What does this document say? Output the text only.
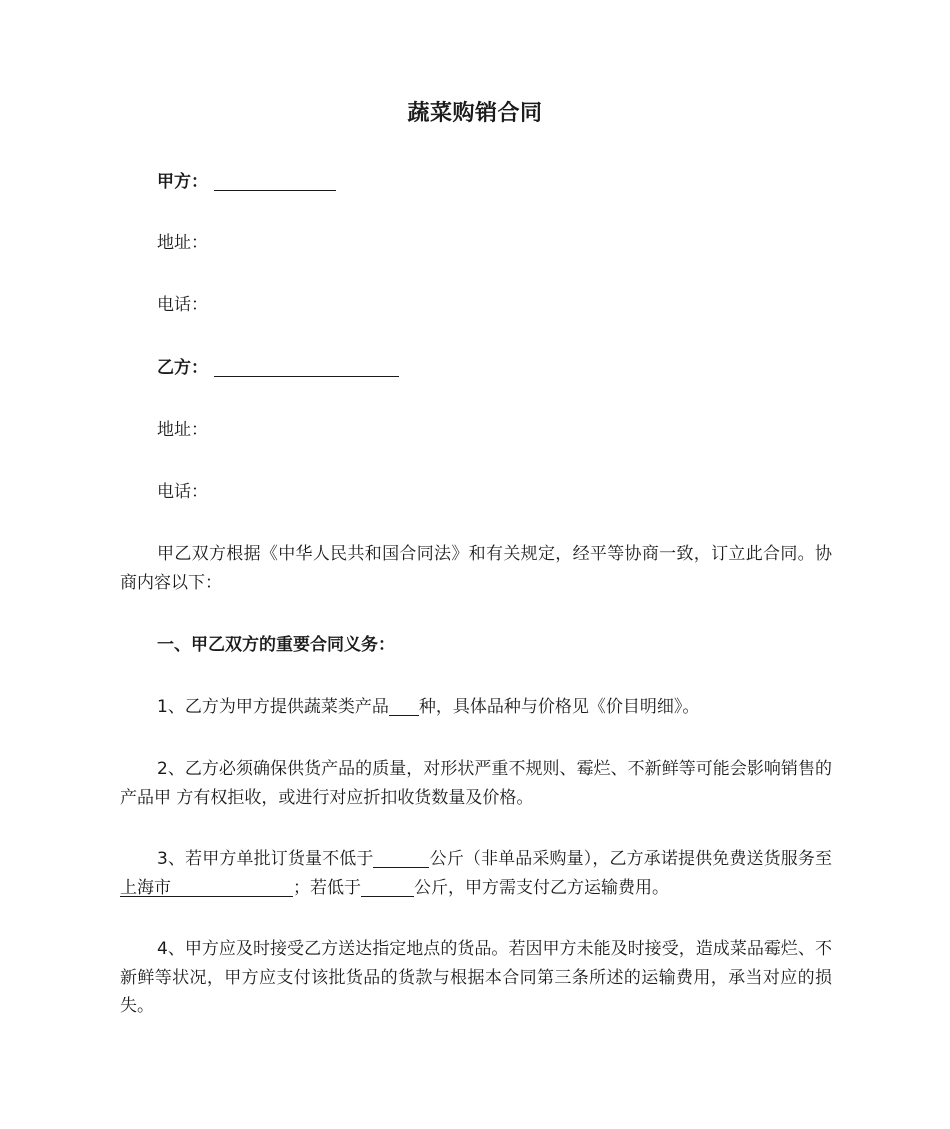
蔬菜购销合同
甲方：
地址：
电话：
乙方：
地址：
电话：
甲乙双方根据《中华人民共和国合同法》和有关规定，经平等协商一致，订立此合同。协商内容以下：
一、甲乙双方的重要合同义务：
1、乙方为甲方提供蔬菜类产品 种，具体品种与价格见《价目明细》。
2、乙方必须确保供货产品的质量，对形状严重不规则、霉烂、不新鲜等可能会影响销售的产品甲 方有权拒收，或进行对应折扣收货数量及价格。
3、若甲方单批订货量不低于	公斤（非单品采购量），乙方承诺提供免费送货服务至上海市	；若低于	公斤，甲方需支付乙方运输费用。
4、甲方应及时接受乙方送达指定地点的货品。若因甲方未能及时接受，造成菜品霉烂、不新鲜等状况，甲方应支付该批货品的货款与根据本合同第三条所述的运输费用，承当对应的损失。
